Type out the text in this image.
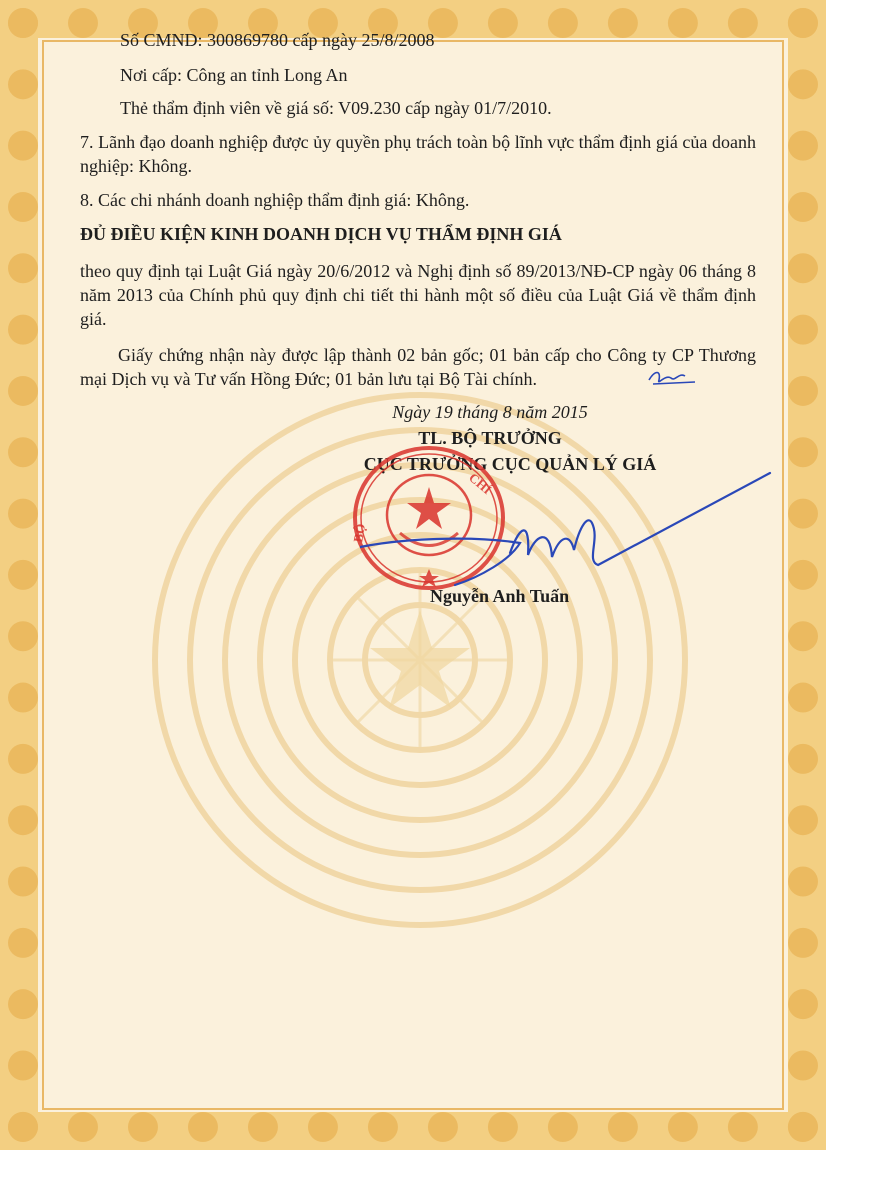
Số CMND: 300869780 cấp ngày 25/8/2008
Nơi cấp: Công an tỉnh Long An
Thẻ thẩm định viên về giá số: V09.230 cấp ngày 01/7/2010.
7. Lãnh đạo doanh nghiệp được ủy quyền phụ trách toàn bộ lĩnh vực thẩm định giá của doanh nghiệp: Không.
8. Các chi nhánh doanh nghiệp thẩm định giá: Không.
ĐỦ ĐIỀU KIỆN KINH DOANH DỊCH VỤ THẨM ĐỊNH GIÁ
theo quy định tại Luật Giá ngày 20/6/2012 và Nghị định số 89/2013/NĐ-CP ngày 06 tháng 8 năm 2013 của Chính phủ quy định chi tiết thi hành một số điều của Luật Giá về thẩm định giá.
Giấy chứng nhận này được lập thành 02 bản gốc; 01 bản cấp cho Công ty CP Thương mại Dịch vụ và Tư vấn Hồng Đức; 01 bản lưu tại Bộ Tài chính.
Ngày 19 tháng 8 năm 2015
TL. BỘ TRƯỞNG
CỤC TRƯỞNG CỤC QUẢN LÝ GIÁ
CHÍ
BỘ
Nguyễn Anh Tuấn
